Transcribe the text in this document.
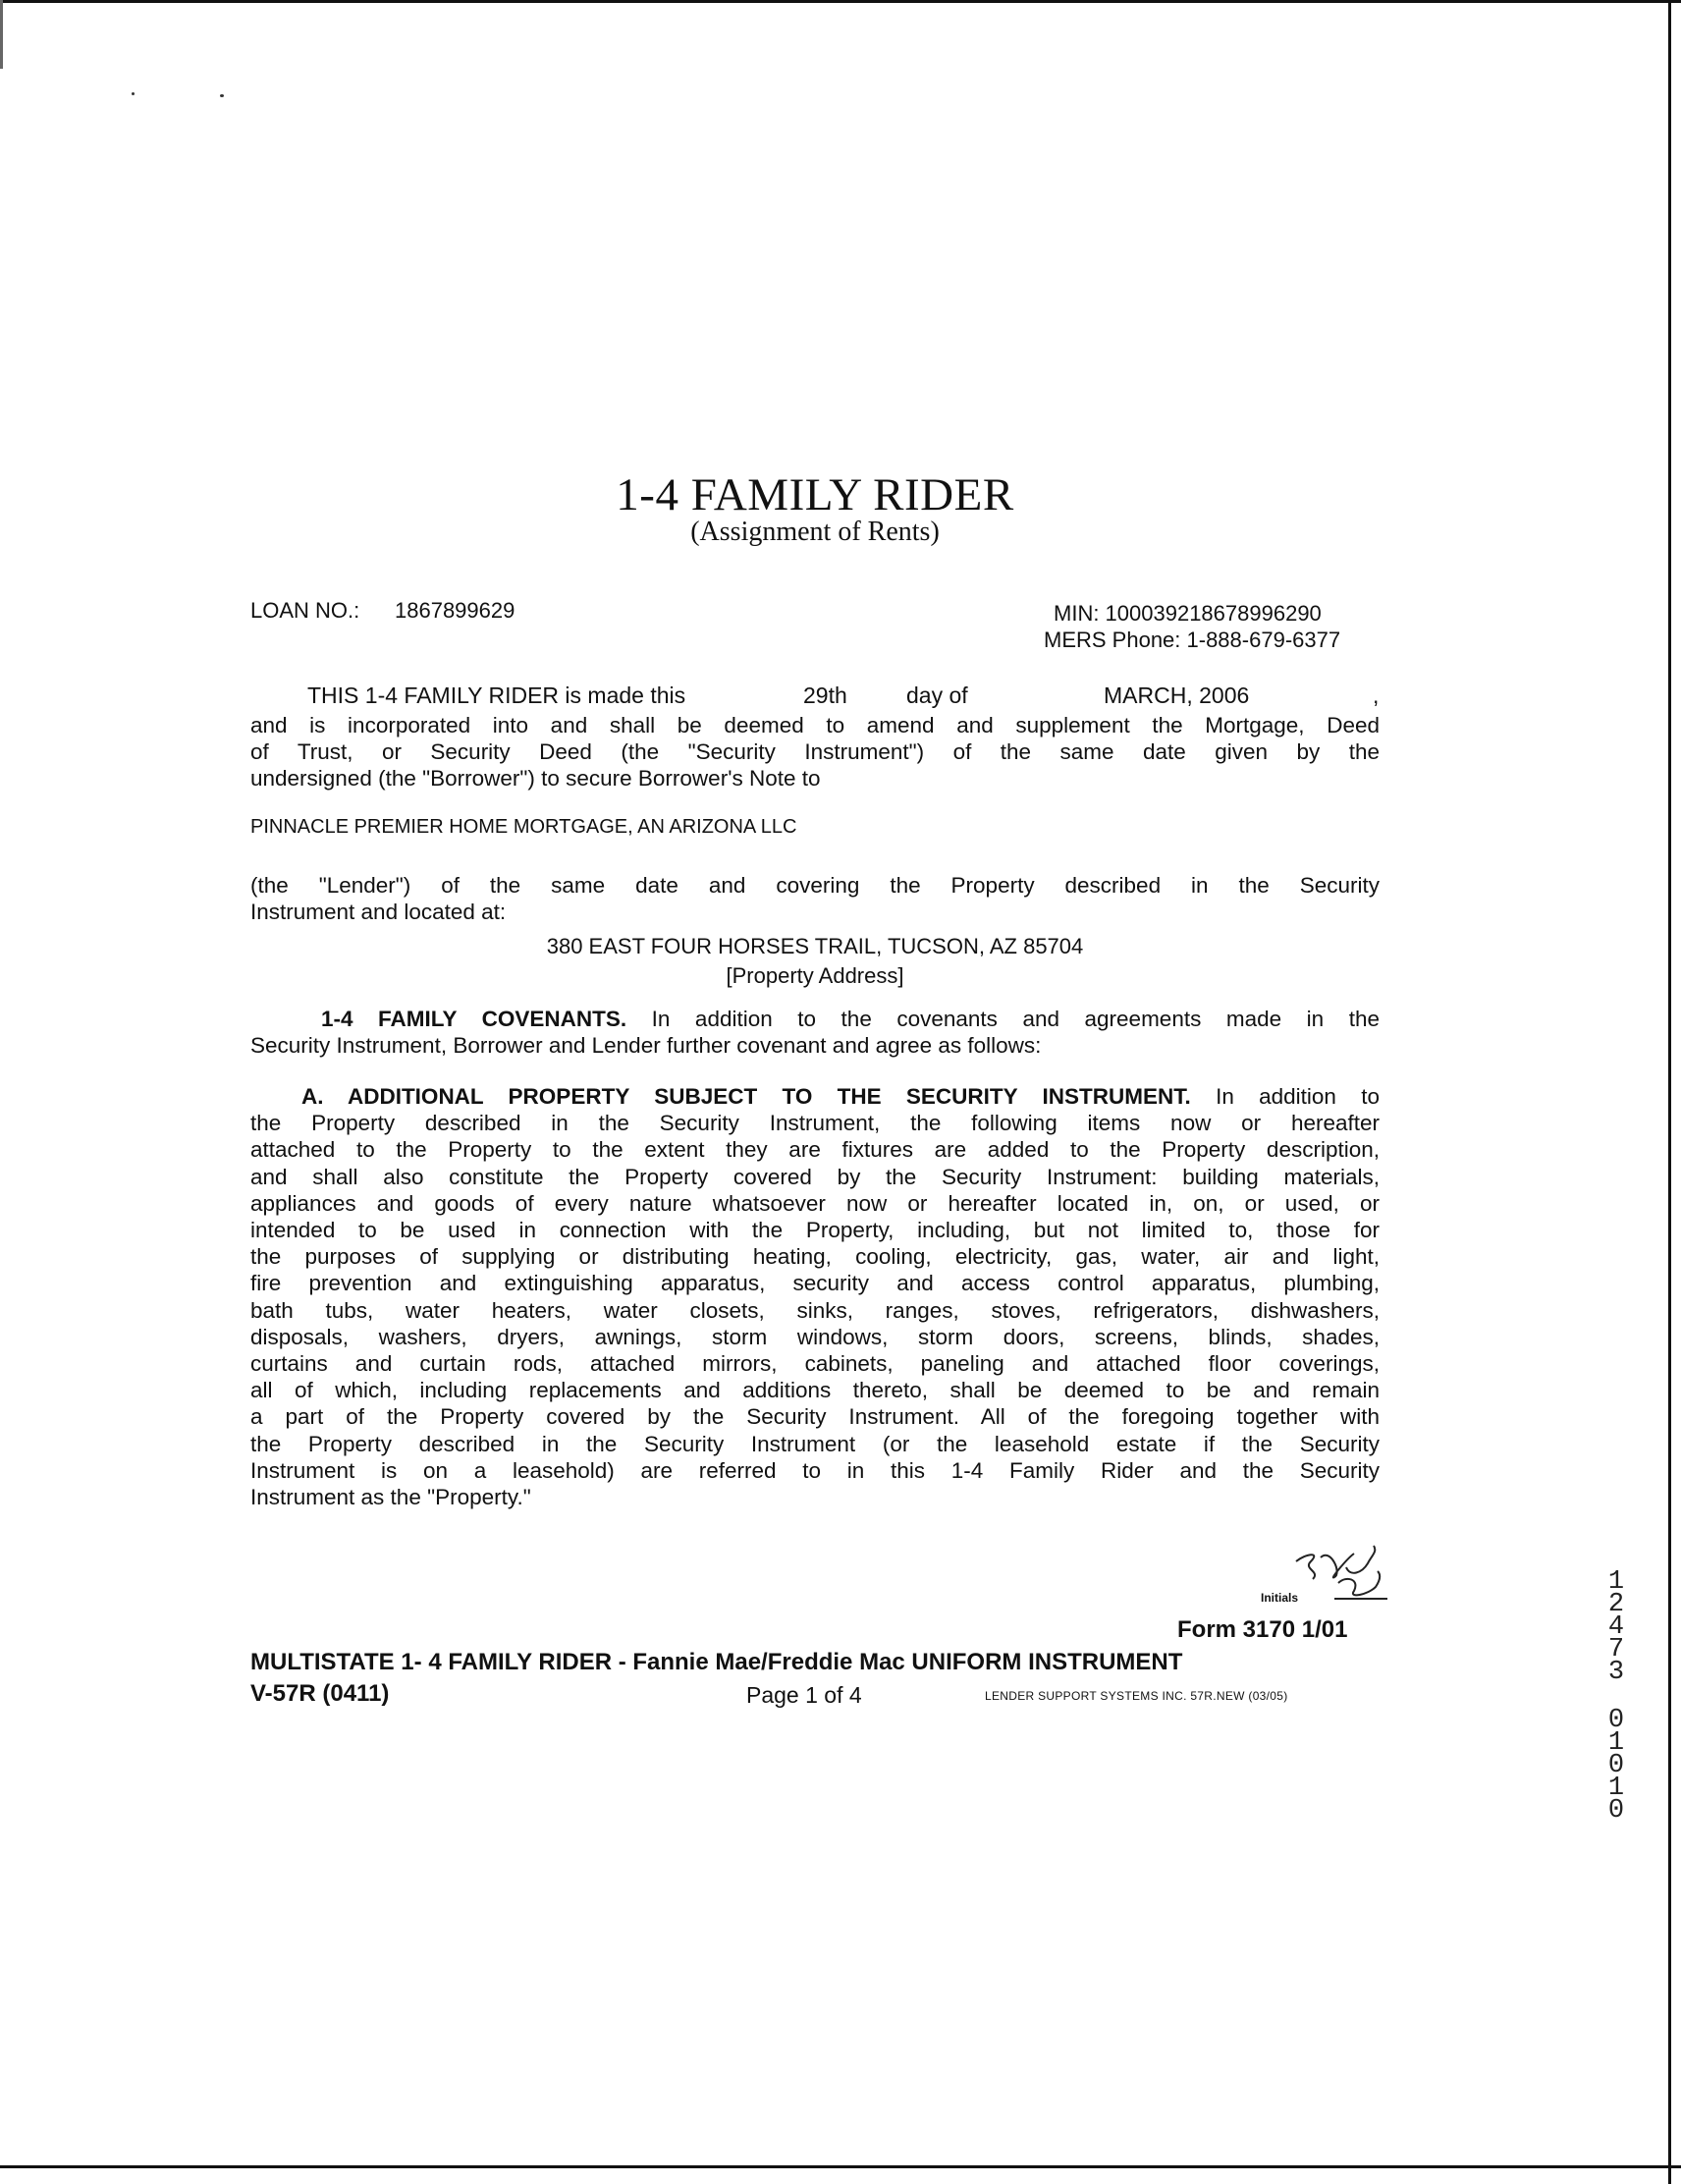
1-4 FAMILY RIDER
(Assignment of Rents)
LOAN NO.: 1867899629	MIN: 100039218678996290
MERS Phone: 1-888-679-6377
THIS 1-4 FAMILY RIDER is made this	29th	day of	MARCH, 2006	,
and is incorporated into and shall be deemed to amend and supplement the Mortgage, Deed
of Trust, or Security Deed (the "Security Instrument") of the same date given by the
undersigned (the "Borrower") to secure Borrower's Note to
PINNACLE PREMIER HOME MORTGAGE, AN ARIZONA LLC
(the "Lender") of the same date and covering the Property described in the Security
Instrument and located at:
380 EAST FOUR HORSES TRAIL, TUCSON, AZ 85704
[Property Address]
1-4 FAMILY COVENANTS. In addition to the covenants and agreements made in the
Security Instrument, Borrower and Lender further covenant and agree as follows:
A. ADDITIONAL PROPERTY SUBJECT TO THE SECURITY INSTRUMENT. In addition to
the Property described in the Security Instrument, the following items now or hereafter
attached to the Property to the extent they are fixtures are added to the Property description,
and shall also constitute the Property covered by the Security Instrument: building materials,
appliances and goods of every nature whatsoever now or hereafter located in, on, or used, or
intended to be used in connection with the Property, including, but not limited to, those for
the purposes of supplying or distributing heating, cooling, electricity, gas, water, air and light,
fire prevention and extinguishing apparatus, security and access control apparatus, plumbing,
bath tubs, water heaters, water closets, sinks, ranges, stoves, refrigerators, dishwashers,
disposals, washers, dryers, awnings, storm windows, storm doors, screens, blinds, shades,
curtains and curtain rods, attached mirrors, cabinets, paneling and attached floor coverings,
all of which, including replacements and additions thereto, shall be deemed to be and remain
a part of the Property covered by the Security Instrument. All of the foregoing together with
the Property described in the Security Instrument (or the leasehold estate if the Security
Instrument is on a leasehold) are referred to in this 1-4 Family Rider and the Security
Instrument as the "Property."
Initials
Form 3170 1/01
MULTISTATE 1- 4 FAMILY RIDER - Fannie Mae/Freddie Mac UNIFORM INSTRUMENT
V-57R (0411)	Page 1 of 4	LENDER SUPPORT SYSTEMS INC. 57R.NEW (03/05)
1
2
4
7
3
0
1
0
1
0
